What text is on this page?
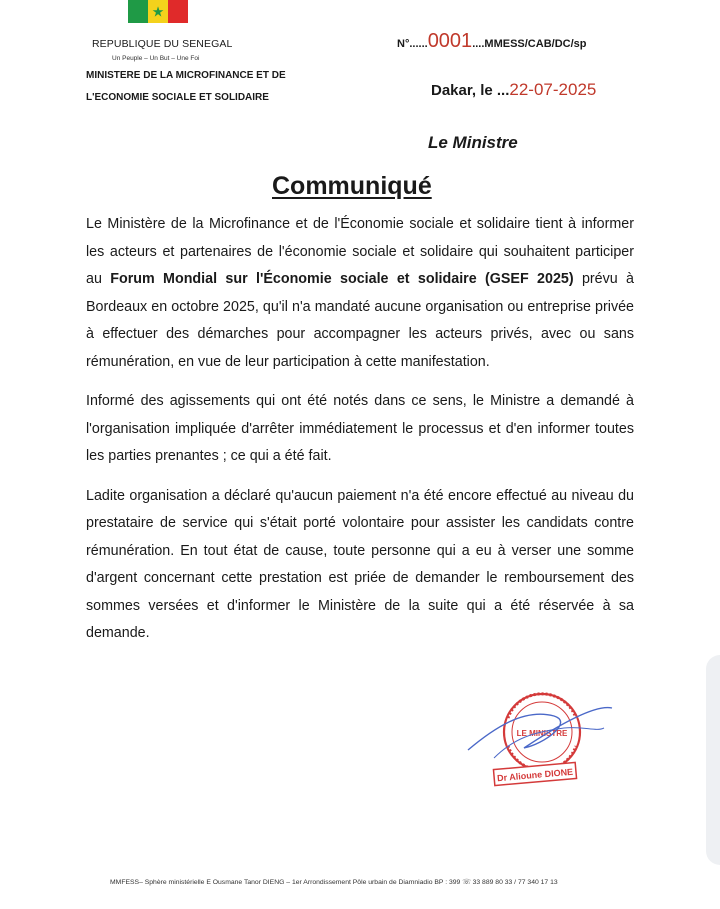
★
REPUBLIQUE DU SENEGAL
Un Peuple – Un But – Une Foi
MINISTERE DE LA MICROFINANCE ET DE
L'ECONOMIE SOCIALE ET SOLIDAIRE
N°......0001....MMESS/CAB/DC/sp
Dakar, le ...22-07-2025
Le Ministre
Communiqué

Le Ministère de la Microfinance et de l'Économie sociale et solidaire tient à informer les acteurs et partenaires de l'économie sociale et solidaire qui souhaitent participer au Forum Mondial sur l'Économie sociale et solidaire (GSEF 2025) prévu à Bordeaux en octobre 2025, qu'il n'a mandaté aucune organisation ou entreprise privée à effectuer des démarches pour accompagner les acteurs privés, avec ou sans rémunération, en vue de leur participation à cette manifestation.

Informé des agissements qui ont été notés dans ce sens, le Ministre a demandé à l'organisation impliquée d'arrêter immédiatement le processus et d'en informer toutes les parties prenantes ; ce qui a été fait.

Ladite organisation a déclaré qu'aucun paiement n'a été encore effectué au niveau du prestataire de service qui s'était porté volontaire pour assister les candidats contre rémunération. En tout état de cause, toute personne qui a eu à verser une somme d'argent concernant cette prestation est priée de demander le remboursement des sommes versées et d'informer le Ministère de la suite qui a été réservée à sa demande.

LE MINISTRE
Dr Alioune DIONE
MMFESS– Sphère ministérielle E Ousmane Tanor DIENG – 1er Arrondissement Pôle urbain de Diamniadio BP : 399 ☏ 33 889 80 33 / 77 340 17 13
